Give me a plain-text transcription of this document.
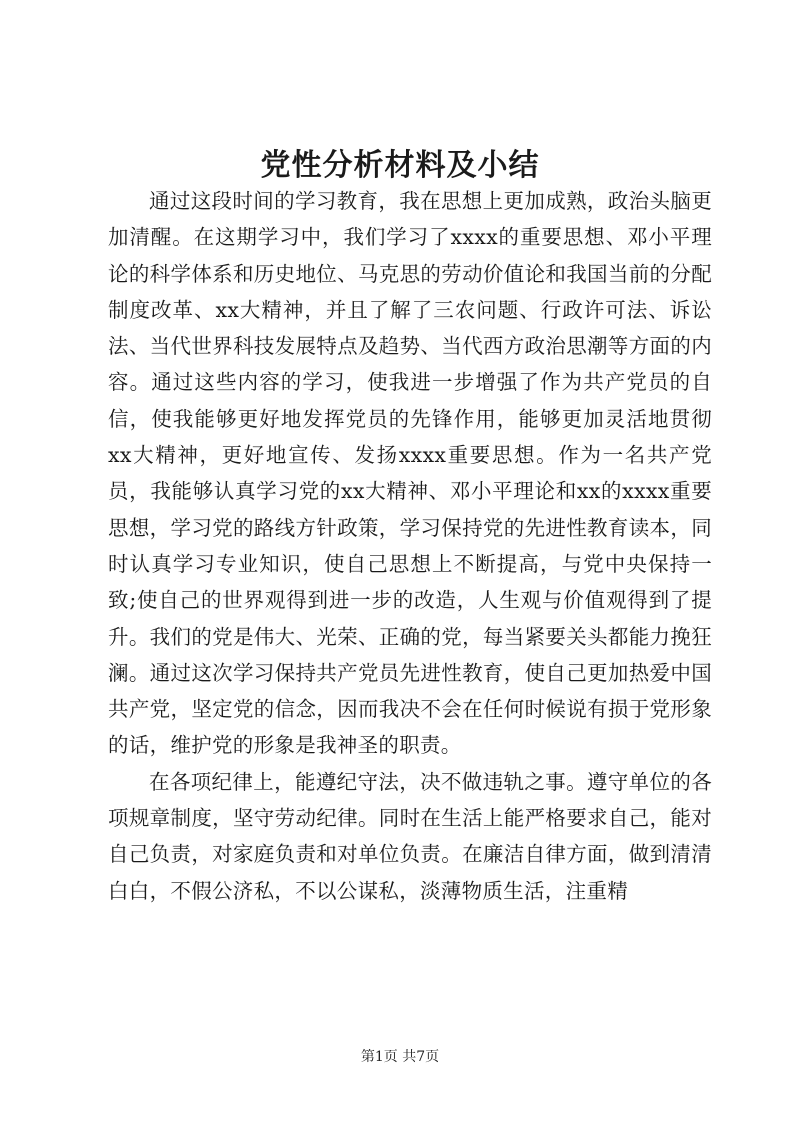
党性分析材料及小结

通过这段时间的学习教育，我在思想上更加成熟，政治头脑更加清醒。在这期学习中，我们学习了xxxx的重要思想、邓小平理论的科学体系和历史地位、马克思的劳动价值论和我国当前的分配制度改革、xx大精神，并且了解了三农问题、行政许可法、诉讼法、当代世界科技发展特点及趋势、当代西方政治思潮等方面的内容。通过这些内容的学习，使我进一步增强了作为共产党员的自信，使我能够更好地发挥党员的先锋作用，能够更加灵活地贯彻xx大精神，更好地宣传、发扬xxxx重要思想。作为一名共产党员，我能够认真学习党的xx大精神、邓小平理论和xx的xxxx重要思想，学习党的路线方针政策，学习保持党的先进性教育读本，同时认真学习专业知识，使自己思想上不断提高，与党中央保持一致;使自己的世界观得到进一步的改造，人生观与价值观得到了提升。我们的党是伟大、光荣、正确的党，每当紧要关头都能力挽狂澜。通过这次学习保持共产党员先进性教育，使自己更加热爱中国共产党，坚定党的信念，因而我决不会在任何时候说有损于党形象的话，维护党的形象是我神圣的职责。

在各项纪律上，能遵纪守法，决不做违轨之事。遵守单位的各项规章制度，坚守劳动纪律。同时在生活上能严格要求自己，能对自己负责，对家庭负责和对单位负责。在廉洁自律方面，做到清清白白，不假公济私，不以公谋私，淡薄物质生活，注重精

第1页 共7页
